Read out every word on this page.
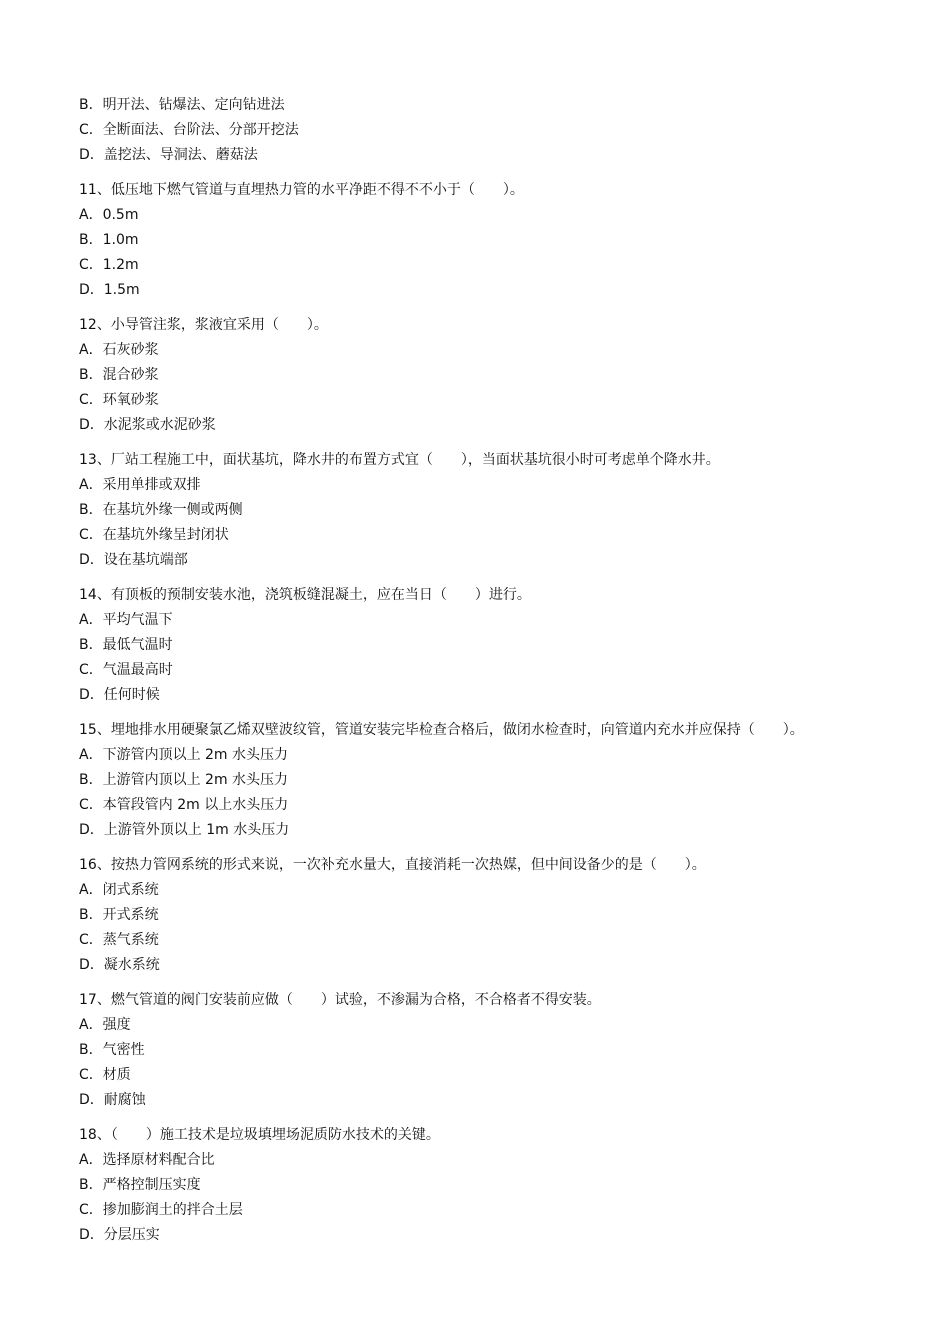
B．明开法、钻爆法、定向钻进法
C．全断面法、台阶法、分部开挖法
D．盖挖法、导洞法、蘑菇法
11、低压地下燃气管道与直埋热力管的水平净距不得不不小于（　　）。
A．0.5m
B．1.0m
C．1.2m
D．1.5m
12、小导管注浆，浆液宜采用（　　）。
A．石灰砂浆
B．混合砂浆
C．环氧砂浆
D．水泥浆或水泥砂浆
13、厂站工程施工中，面状基坑，降水井的布置方式宜（　　），当面状基坑很小时可考虑单个降水井。
A．采用单排或双排
B．在基坑外缘一侧或两侧
C．在基坑外缘呈封闭状
D．设在基坑端部
14、有顶板的预制安装水池，浇筑板缝混凝土，应在当日（　　）进行。
A．平均气温下
B．最低气温时
C．气温最高时
D．任何时候
15、埋地排水用硬聚氯乙烯双壁波纹管，管道安装完毕检查合格后，做闭水检查时，向管道内充水并应保持（　　）。
A．下游管内顶以上 2m 水头压力
B．上游管内顶以上 2m 水头压力
C．本管段管内 2m 以上水头压力
D．上游管外顶以上 1m 水头压力
16、按热力管网系统的形式来说，一次补充水量大，直接消耗一次热媒，但中间设备少的是（　　）。
A．闭式系统
B．开式系统
C．蒸气系统
D．凝水系统
17、燃气管道的阀门安装前应做（　　）试验，不渗漏为合格，不合格者不得安装。
A．强度
B．气密性
C．材质
D．耐腐蚀
18、（　　）施工技术是垃圾填埋场泥质防水技术的关键。
A．选择原材料配合比
B．严格控制压实度
C．掺加膨润土的拌合土层
D．分层压实
